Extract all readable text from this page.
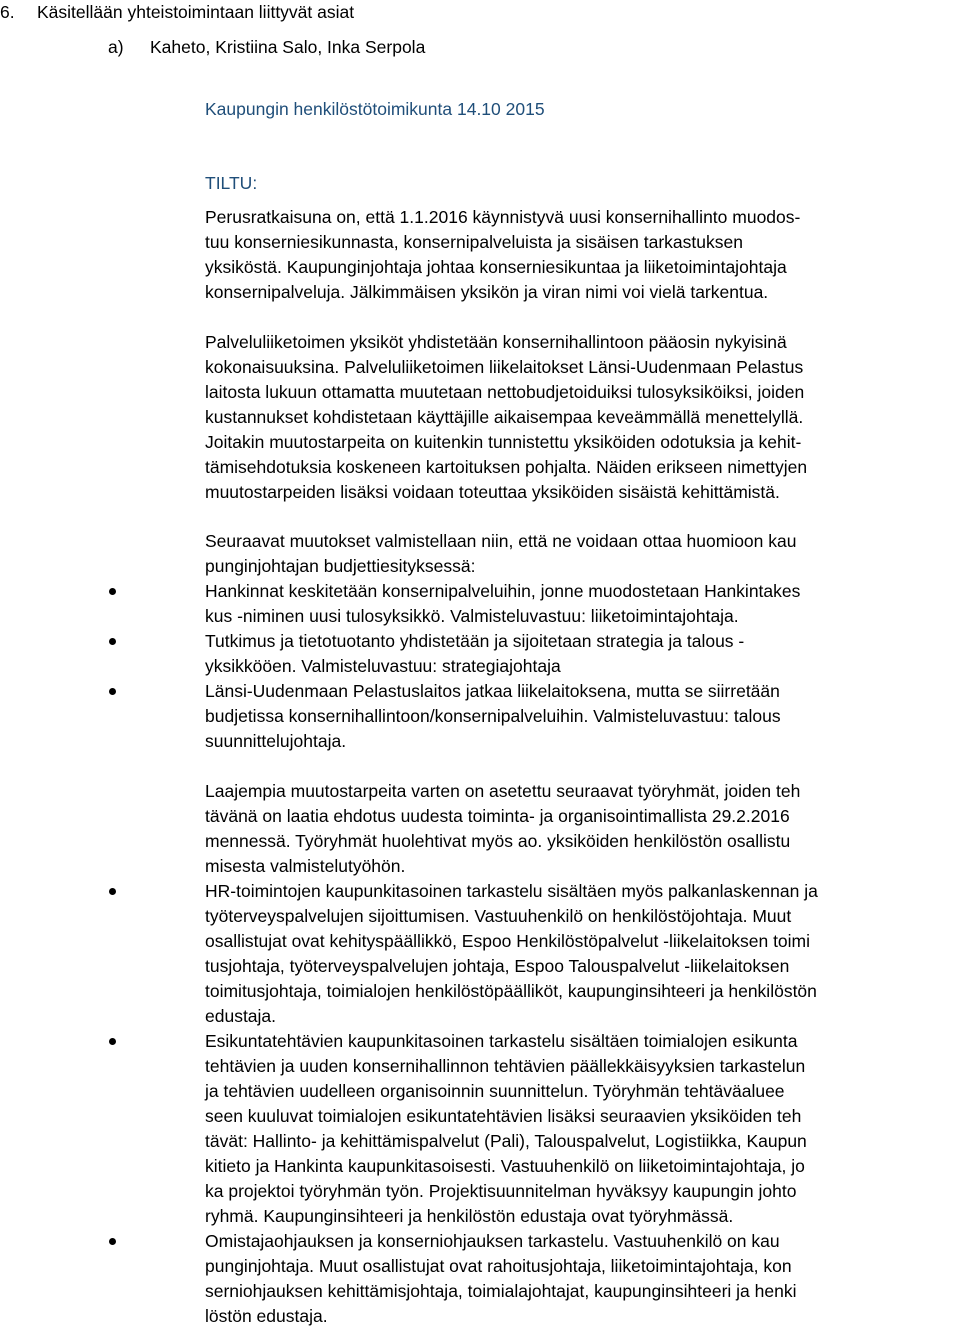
6. Käsitellään yhteistoimintaan liittyvät asiat
a) Kaheto, Kristiina Salo, Inka Serpola
Kaupungin henkilöstötoimikunta 14.10 2015
TILTU:
Perusratkaisuna on, että 1.1.2016 käynnistyvä uusi konsernihallinto muodos-
tuu konserniesikunnasta, konsernipalveluista ja sisäisen tarkastuksen
yksiköstä. Kaupunginjohtaja johtaa konserniesikuntaa ja liiketoimintajohtaja
konsernipalveluja. Jälkimmäisen yksikön ja viran nimi voi vielä tarkentua.
Palveluliiketoimen yksiköt yhdistetään konsernihallintoon pääosin nykyisinä
kokonaisuuksina. Palveluliiketoimen liikelaitokset Länsi-Uudenmaan Pelastus
laitosta lukuun ottamatta muutetaan nettobudjetoiduiksi tulosyksiköiksi, joiden
kustannukset kohdistetaan käyttäjille aikaisempaa keveämmällä menettelyllä.
Joitakin muutostarpeita on kuitenkin tunnistettu yksiköiden odotuksia ja kehit-
tämisehdotuksia koskeneen kartoituksen pohjalta. Näiden erikseen nimettyjen
muutostarpeiden lisäksi voidaan toteuttaa yksiköiden sisäistä kehittämistä.
Seuraavat muutokset valmistellaan niin, että ne voidaan ottaa huomioon kau
punginjohtajan budjettiesityksessä:
Hankinnat keskitetään konsernipalveluihin, jonne muodostetaan Hankintakes
kus -niminen uusi tulosyksikkö. Valmisteluvastuu: liiketoimintajohtaja.
Tutkimus ja tietotuotanto yhdistetään ja sijoitetaan strategia ja talous -
yksikkööen. Valmisteluvastuu: strategiajohtaja
Länsi-Uudenmaan Pelastuslaitos jatkaa liikelaitoksena, mutta se siirretään
budjetissa konsernihallintoon/konsernipalveluihin. Valmisteluvastuu: talous
suunnittelujohtaja.
Laajempia muutostarpeita varten on asetettu seuraavat työryhmät, joiden teh
tävänä on laatia ehdotus uudesta toiminta- ja organisointimallista 29.2.2016
mennessä. Työryhmät huolehtivat myös ao. yksiköiden henkilöstön osallistu
misesta valmistelutyöhön.
HR-toimintojen kaupunkitasoinen tarkastelu sisältäen myös palkanlaskennan ja
työterveyspalvelujen sijoittumisen. Vastuuhenkilö on henkilöstöjohtaja. Muut
osallistujat ovat kehityspäällikkö, Espoo Henkilöstöpalvelut -liikelaitoksen toimi
tusjohtaja, työterveyspalvelujen johtaja, Espoo Talouspalvelut -liikelaitoksen
toimitusjohtaja, toimialojen henkilöstöpäälliköt, kaupunginsihteeri ja henkilöstön
edustaja.
Esikuntatehtävien kaupunkitasoinen tarkastelu sisältäen toimialojen esikunta
tehtävien ja uuden konsernihallinnon tehtävien päällekkäisyyksien tarkastelun
ja tehtävien uudelleen organisoinnin suunnittelun. Työryhmän tehtäväaluee
seen kuuluvat toimialojen esikuntatehtävien lisäksi seuraavien yksiköiden teh
tävät: Hallinto- ja kehittämispalvelut (Pali), Talouspalvelut, Logistiikka, Kaupun
kitieto ja Hankinta kaupunkitasoisesti. Vastuuhenkilö on liiketoimintajohtaja, jo
ka projektoi työryhmän työn. Projektisuunnitelman hyväksyy kaupungin johto
ryhmä. Kaupunginsihteeri ja henkilöstön edustaja ovat työryhmässä.
Omistajaohjauksen ja konserniohjauksen tarkastelu. Vastuuhenkilö on kau
punginjohtaja. Muut osallistujat ovat rahoitusjohtaja, liiketoimintajohtaja, kon
serniohjauksen kehittämisjohtaja, toimialajohtajat, kaupunginsihteeri ja henki
löstön edustaja.
